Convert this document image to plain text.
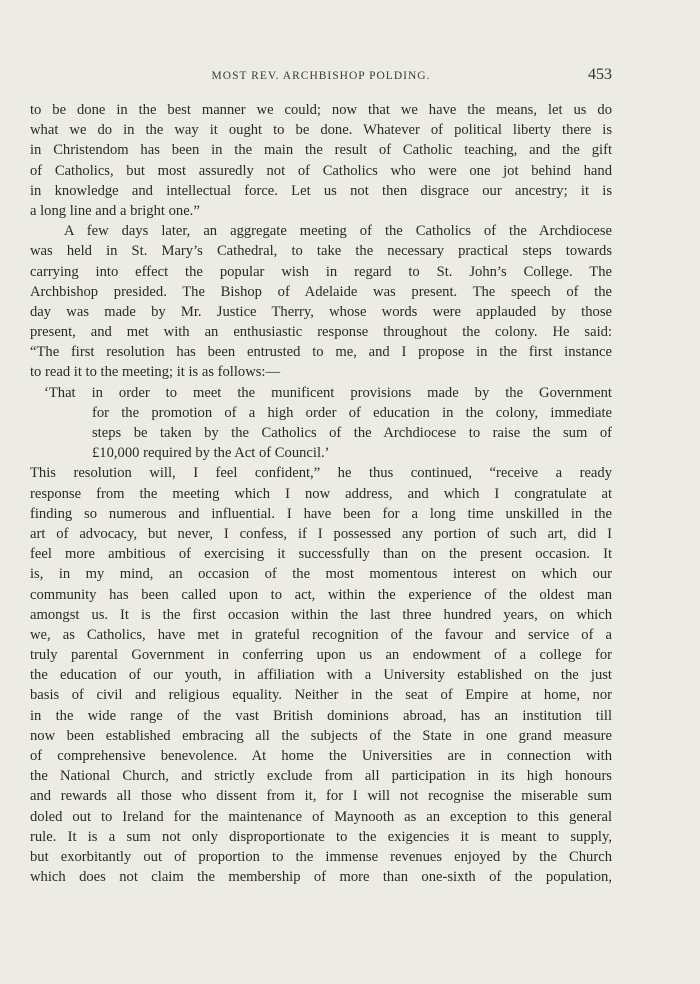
MOST REV. ARCHBISHOP POLDING.	453
to be done in the best manner we could; now that we have the means, let us do
what we do in the way it ought to be done. Whatever of political liberty there is
in Christendom has been in the main the result of Catholic teaching, and the gift
of Catholics, but most assuredly not of Catholics who were one jot behind hand
in knowledge and intellectual force. Let us not then disgrace our ancestry; it is
a long line and a bright one.”
A few days later, an aggregate meeting of the Catholics of the Archdiocese
was held in St. Mary’s Cathedral, to take the necessary practical steps towards
carrying into effect the popular wish in regard to St. John’s College. The
Archbishop presided. The Bishop of Adelaide was present. The speech of the
day was made by Mr. Justice Therry, whose words were applauded by those
present, and met with an enthusiastic response throughout the colony. He said:
“The first resolution has been entrusted to me, and I propose in the first instance
to read it to the meeting; it is as follows:—
‘That in order to meet the munificent provisions made by the Government
for the promotion of a high order of education in the colony, immediate
steps be taken by the Catholics of the Archdiocese to raise the sum of
£10,000 required by the Act of Council.’
This resolution will, I feel confident,” he thus continued, “receive a ready
response from the meeting which I now address, and which I congratulate at
finding so numerous and influential. I have been for a long time unskilled in the
art of advocacy, but never, I confess, if I possessed any portion of such art, did I
feel more ambitious of exercising it successfully than on the present occasion. It
is, in my mind, an occasion of the most momentous interest on which our
community has been called upon to act, within the experience of the oldest man
amongst us. It is the first occasion within the last three hundred years, on which
we, as Catholics, have met in grateful recognition of the favour and service of a
truly parental Government in conferring upon us an endowment of a college for
the education of our youth, in affiliation with a University established on the just
basis of civil and religious equality. Neither in the seat of Empire at home, nor
in the wide range of the vast British dominions abroad, has an institution till
now been established embracing all the subjects of the State in one grand measure
of comprehensive benevolence. At home the Universities are in connection with
the National Church, and strictly exclude from all participation in its high honours
and rewards all those who dissent from it, for I will not recognise the miserable sum
doled out to Ireland for the maintenance of Maynooth as an exception to this general
rule. It is a sum not only disproportionate to the exigencies it is meant to supply,
but exorbitantly out of proportion to the immense revenues enjoyed by the Church
which does not claim the membership of more than one-sixth of the population,
